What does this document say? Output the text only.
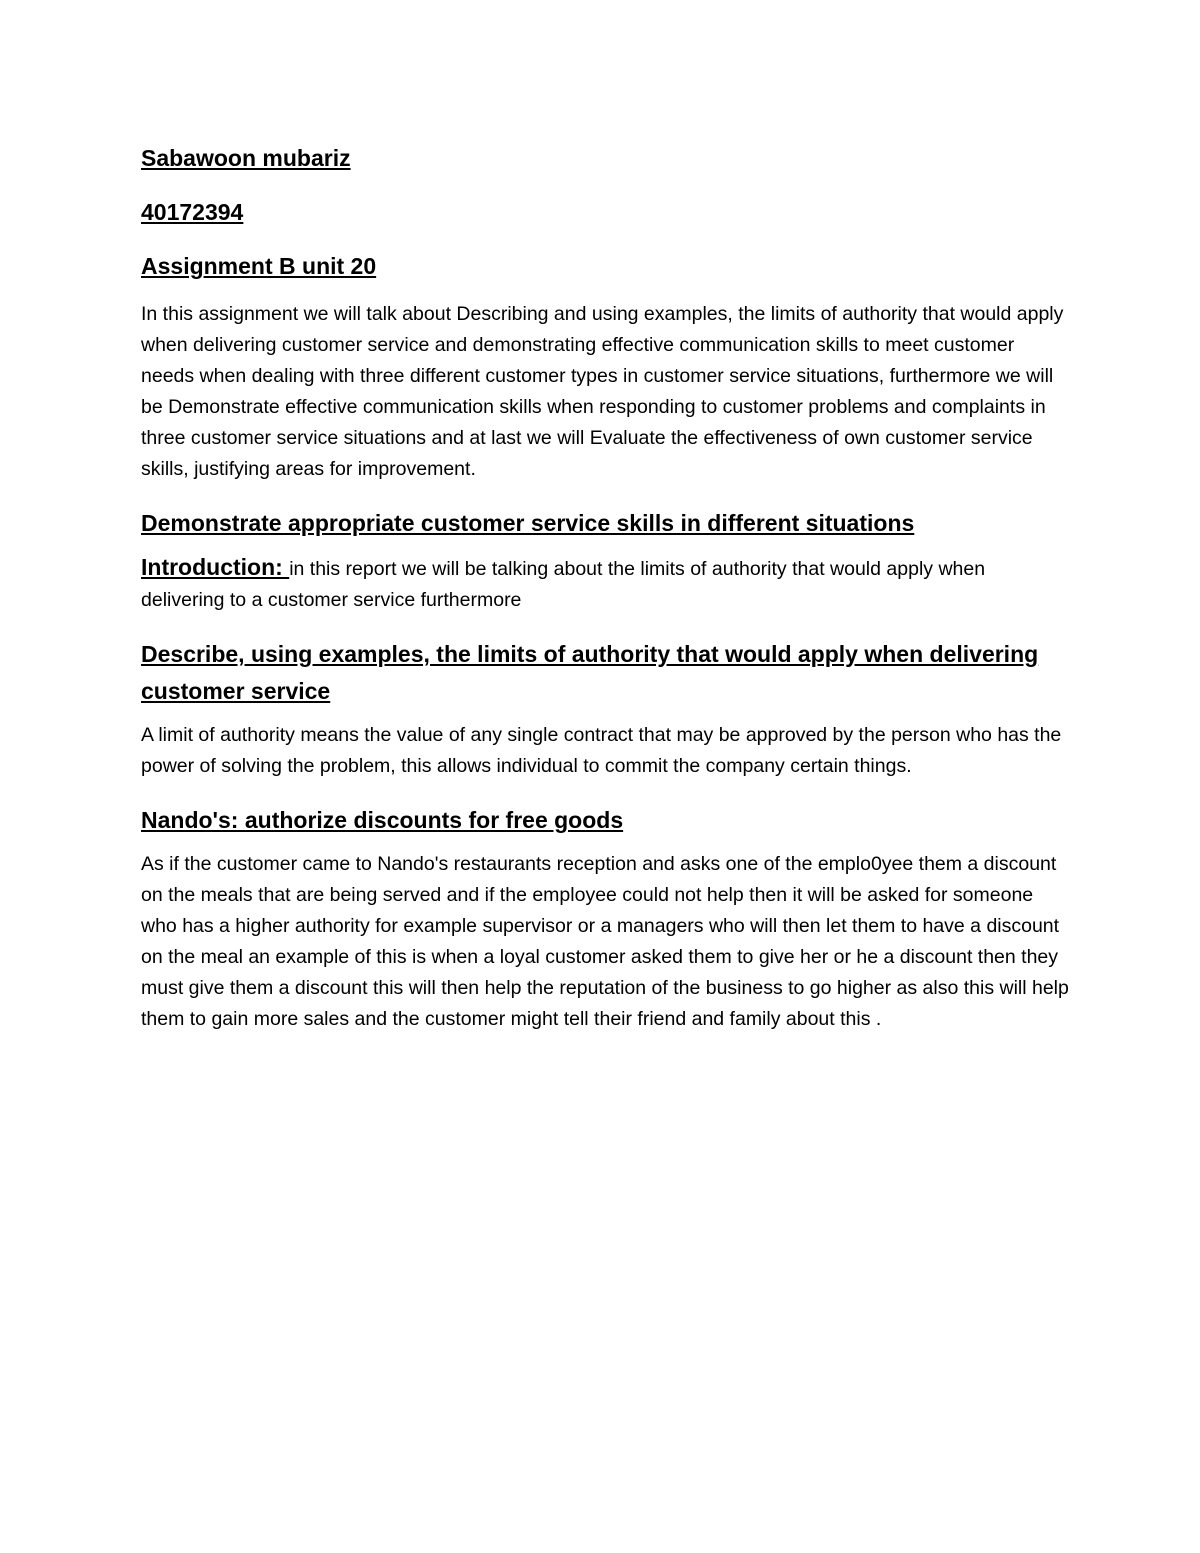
Sabawoon mubariz
40172394
Assignment B unit 20

In this assignment we will talk about Describing and using examples, the limits of authority that would apply when delivering customer service and demonstrating effective communication skills to meet customer needs when dealing with three different customer types in customer service situations, furthermore we will be Demonstrate effective communication skills when responding to customer problems and complaints in three customer service situations and at last we will Evaluate the effectiveness of own customer service skills, justifying areas for improvement.

Demonstrate appropriate customer service skills in different situations

Introduction: in this report we will be talking about the limits of authority that would apply when delivering to a customer service furthermore

Describe, using examples, the limits of authority that would apply when delivering customer service

A limit of authority means the value of any single contract that may be approved by the person who has the power of solving the problem, this allows individual to commit the company certain things.

Nando's: authorize discounts for free goods

As if the customer came to Nando's restaurants reception and asks one of the emplo0yee them a discount on the meals that are being served and if the employee could not help then it will be asked for someone who has a higher authority for example supervisor or a managers who will then let them to have a discount on the meal an example of this is when a loyal customer asked them to give her or he a discount then they must give them a discount this will then help the reputation of the business to go higher as also this will help them to gain more sales and the customer might tell their friend and family about this .
